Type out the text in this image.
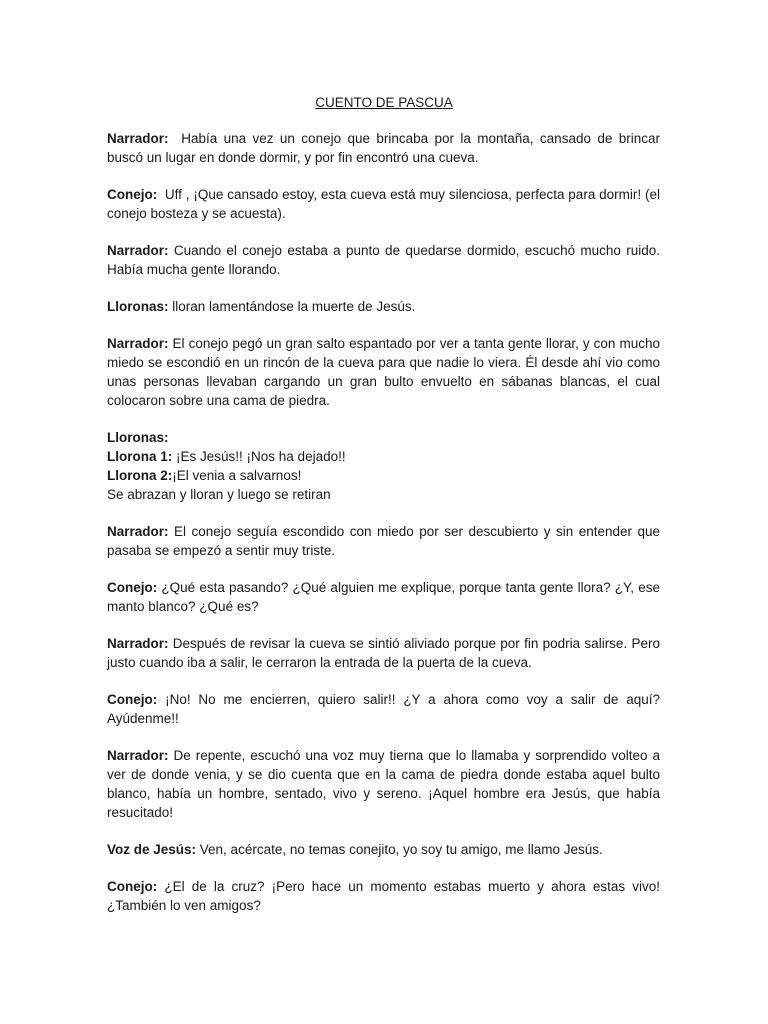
CUENTO DE PASCUA

Narrador:  Había una vez un conejo que brincaba por la montaña, cansado de brincar buscó un lugar en donde dormir, y por fin encontró una cueva.

Conejo:  Uff , ¡Que cansado estoy, esta cueva está muy silenciosa, perfecta para dormir! (el conejo bosteza y se acuesta).

Narrador: Cuando el conejo estaba a punto de quedarse dormido, escuchó mucho ruido. Había mucha gente llorando.

Lloronas: lloran lamentándose la muerte de Jesús.

Narrador: El conejo pegó un gran salto espantado por ver a tanta gente llorar, y con mucho miedo se escondió en un rincón de la cueva para que nadie lo viera. Él desde ahí vio como unas personas llevaban cargando un gran bulto envuelto en sábanas blancas, el cual colocaron sobre una cama de piedra.

Lloronas:
Llorona 1: ¡Es Jesús!! ¡Nos ha dejado!!
Llorona 2:¡El venia a salvarnos!
Se abrazan y lloran y luego se retiran

Narrador: El conejo seguía escondido con miedo por ser descubierto y sin entender que pasaba se empezó a sentir muy triste.

Conejo: ¿Qué esta pasando? ¿Qué alguien me explique, porque tanta gente llora? ¿Y, ese manto blanco? ¿Qué es?

Narrador: Después de revisar la cueva se sintió aliviado porque por fin podria salirse. Pero justo cuando iba a salir, le cerraron la entrada de la puerta de la cueva.

Conejo: ¡No! No me encierren, quiero salir!! ¿Y a ahora como voy a salir de aquí? Ayúdenme!!

Narrador: De repente, escuchó una voz muy tierna que lo llamaba y sorprendido volteo a ver de donde venia, y se dio cuenta que en la cama de piedra donde estaba aquel bulto blanco, había un hombre, sentado, vivo y sereno. ¡Aquel hombre era Jesús, que había resucitado!

Voz de Jesús: Ven, acércate, no temas conejito, yo soy tu amigo, me llamo Jesús.

Conejo: ¿El de la cruz? ¡Pero hace un momento estabas muerto y ahora estas vivo! ¿También lo ven amigos?
